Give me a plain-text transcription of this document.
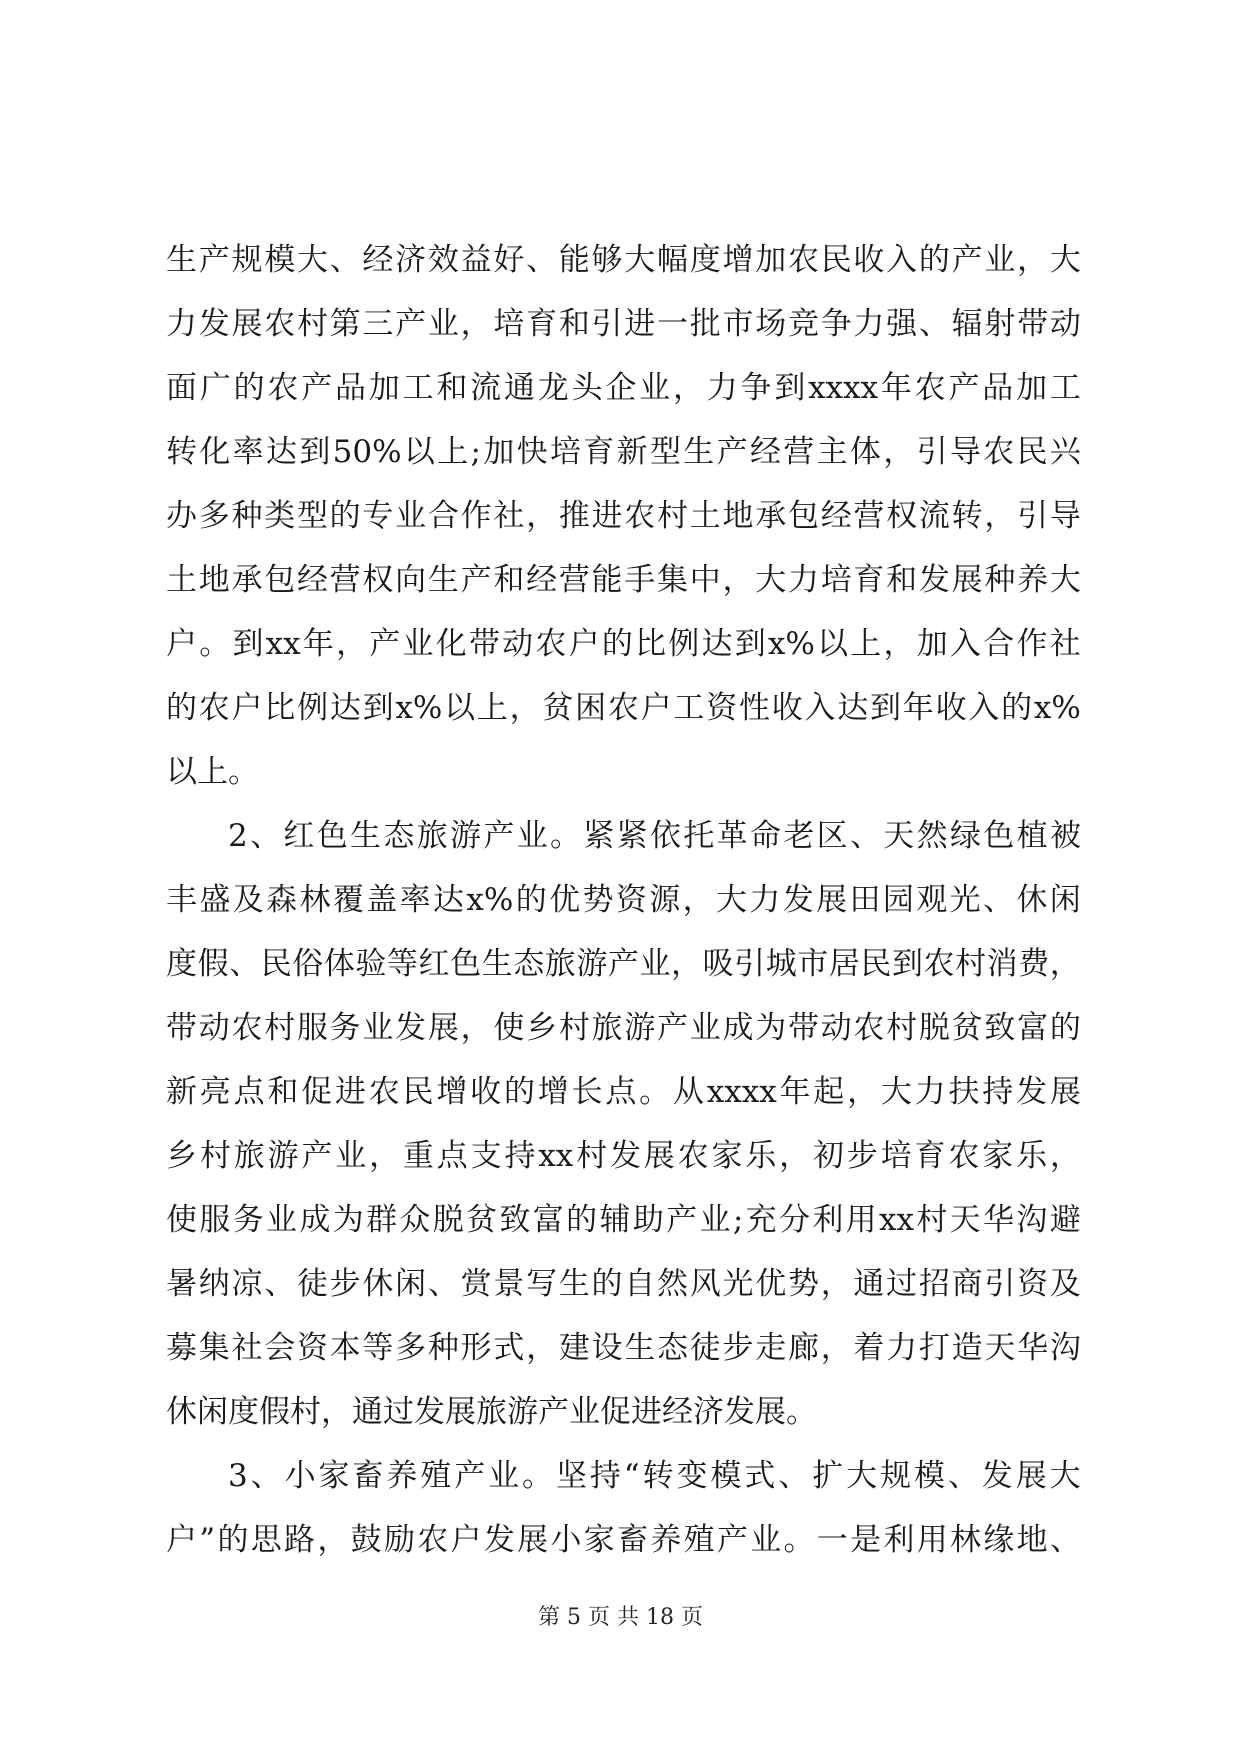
生 产 规 模 大 、 经 济 效 益 好 、 能 够 大 幅 度 增 加 农 民 收 入 的 产 业 ， 大
力 发 展 农 村 第 三 产 业 ， 培 育 和 引 进 一 批 市 场 竞 争 力 强 、 辐 射 带 动
面 广 的 农 产 品 加 工 和 流 通 龙 头 企 业 ， 力 争 到 xxxx 年 农 产 品 加 工
转 化 率 达 到 50% 以 上 ; 加 快 培 育 新 型 生 产 经 营 主 体 ， 引 导 农 民 兴
办 多 种 类 型 的 专 业 合 作 社 ， 推 进 农 村 土 地 承 包 经 营 权 流 转 ， 引 导
土 地 承 包 经 营 权 向 生 产 和 经 营 能 手 集 中 ， 大 力 培 育 和 发 展 种 养 大
户 。 到 xx 年 ， 产 业 化 带 动 农 户 的 比 例 达 到 x% 以 上 ， 加 入 合 作 社
的 农 户 比 例 达 到 x% 以 上 ， 贫 困 农 户 工 资 性 收 入 达 到 年 收 入 的 x%
以上。
2 、 红 色 生 态 旅 游 产 业 。 紧 紧 依 托 革 命 老 区 、 天 然 绿 色 植 被
丰 盛 及 森 林 覆 盖 率 达 x% 的 优 势 资 源 ， 大 力 发 展 田 园 观 光 、 休 闲
度 假 、 民 俗 体 验 等 红 色 生 态 旅 游 产 业 ， 吸 引 城 市 居 民 到 农 村 消 费 ，
带 动 农 村 服 务 业 发 展 ， 使 乡 村 旅 游 产 业 成 为 带 动 农 村 脱 贫 致 富 的
新 亮 点 和 促 进 农 民 增 收 的 增 长 点 。 从 xxxx 年 起 ， 大 力 扶 持 发 展
乡 村 旅 游 产 业 ， 重 点 支 持 xx 村 发 展 农 家 乐 ， 初 步 培 育 农 家 乐 ，
使 服 务 业 成 为 群 众 脱 贫 致 富 的 辅 助 产 业 ; 充 分 利 用 xx 村 天 华 沟 避
暑 纳 凉 、 徒 步 休 闲 、 赏 景 写 生 的 自 然 风 光 优 势 ， 通 过 招 商 引 资 及
募 集 社 会 资 本 等 多 种 形 式 ， 建 设 生 态 徒 步 走 廊 ， 着 力 打 造 天 华 沟
休闲度假村，通过发展旅游产业促进经济发展。
3 、 小 家 畜 养 殖 产 业 。 坚 持 “ 转 变 模 式 、 扩 大 规 模 、 发 展 大
户 ” 的 思 路 ， 鼓 励 农 户 发 展 小 家 畜 养 殖 产 业 。 一 是 利 用 林 缘 地 、
第 5 页 共 18 页
